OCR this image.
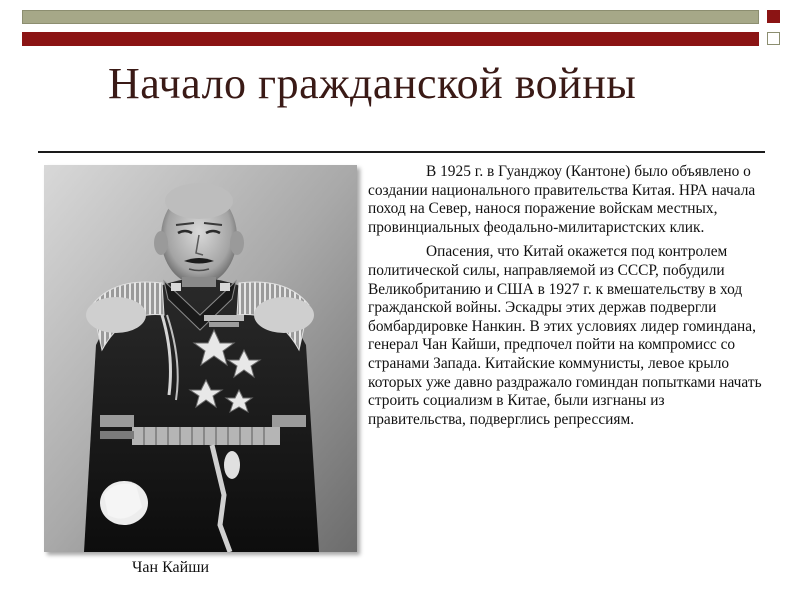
Начало гражданской войны
Чан Кайши

В 1925 г. в Гуанджоу (Кантоне) было объявлено о создании национального правительства Китая. НРА начала поход на Север, нанося поражение войскам местных, провинциальных феодально-милитаристских клик.

Опасения, что Китай окажется под контролем политической силы, направляемой из СССР, побудили Великобританию и США в 1927 г. к вмешательству в ход гражданской войны. Эскадры этих держав подвергли бомбардировке Нанкин. В этих условиях лидер гоминдана, генерал Чан Кайши, предпочел пойти на компромисс со странами Запада. Китайские коммунисты, левое крыло которых уже давно раздражало гоминдан попытками начать строить социализм в Китае, были изгнаны из правительства, подверглись репрессиям.
